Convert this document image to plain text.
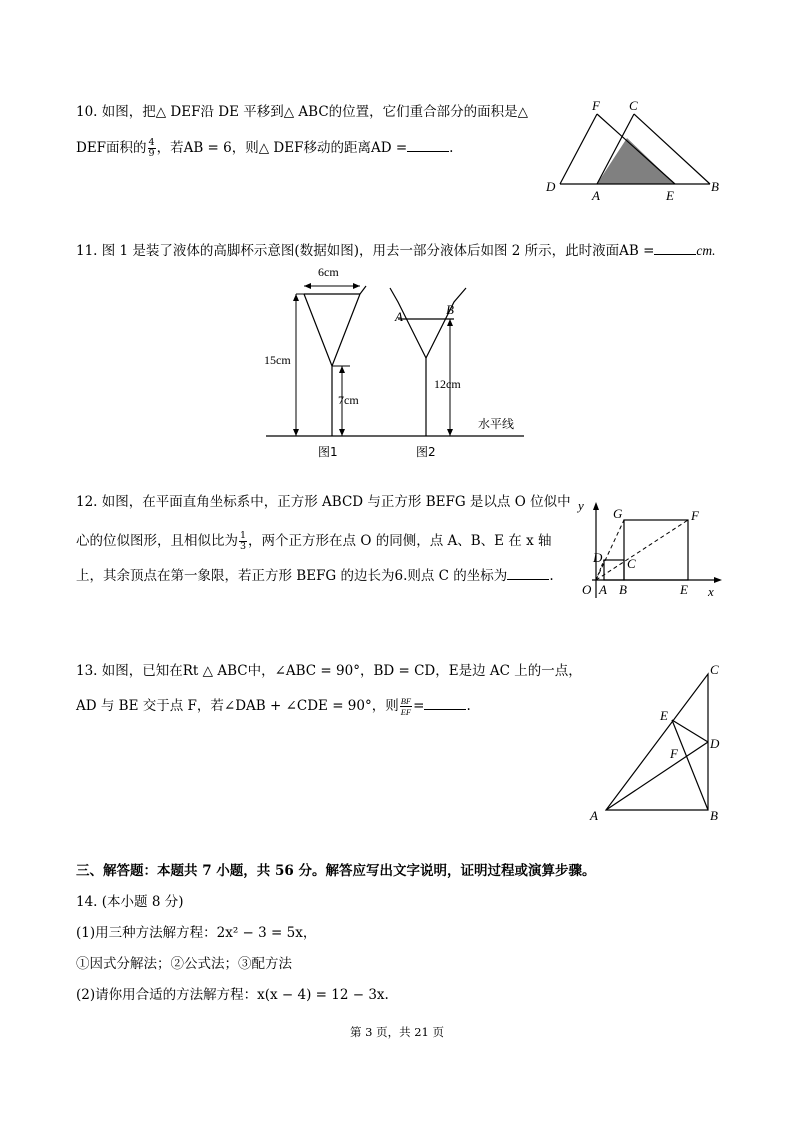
10. 如图，把△ DEF沿 DE 平移到△ ABC的位置，它们重合部分的面积是△
DEF面积的 $\frac{4}{9}$ ，若AB = 6，则△ DEF移动的距离AD =	.
F C
D
A	E
B
11. 图 1 是装了液体的高脚杯示意图(数据如图)，用去一部分液体后如图 2 所示，此时液面AB =	cm.
6cm
15cm
7cm
A	B
12cm
水平线
图1	图2
12. 如图，在平面直角坐标系中，正方形 ABCD 与正方形 BEFG 是以点 O 位似中
心的位似图形，且相似比为 $\frac{1}{3}$ ，两个正方形在点 O 的同侧，点 A、B、E 在 x 轴
上，其余顶点在第一象限，若正方形 BEFG 的边长为6.则点 C 的坐标为	.
y
x
G	F
D C
O A B	E
13. 如图，已知在Rt △ ABC中，∠ABC = 90°，BD = CD，E是边 AC 上的一点，
AD 与 BE 交于点 F，若∠DAB + ∠CDE = 90°，则 $\frac{BF}{EF}$ =	.
C
E
D
F
A	B
三、解答题：本题共 7 小题，共 56 分。解答应写出文字说明，证明过程或演算步骤。
14. (本小题 8 分)
(1)用三种方法解方程：2x² − 3 = 5x，
①因式分解法；②公式法；③配方法
(2)请你用合适的方法解方程：x(x − 4) = 12 − 3x.
第 3 页，共 21 页
